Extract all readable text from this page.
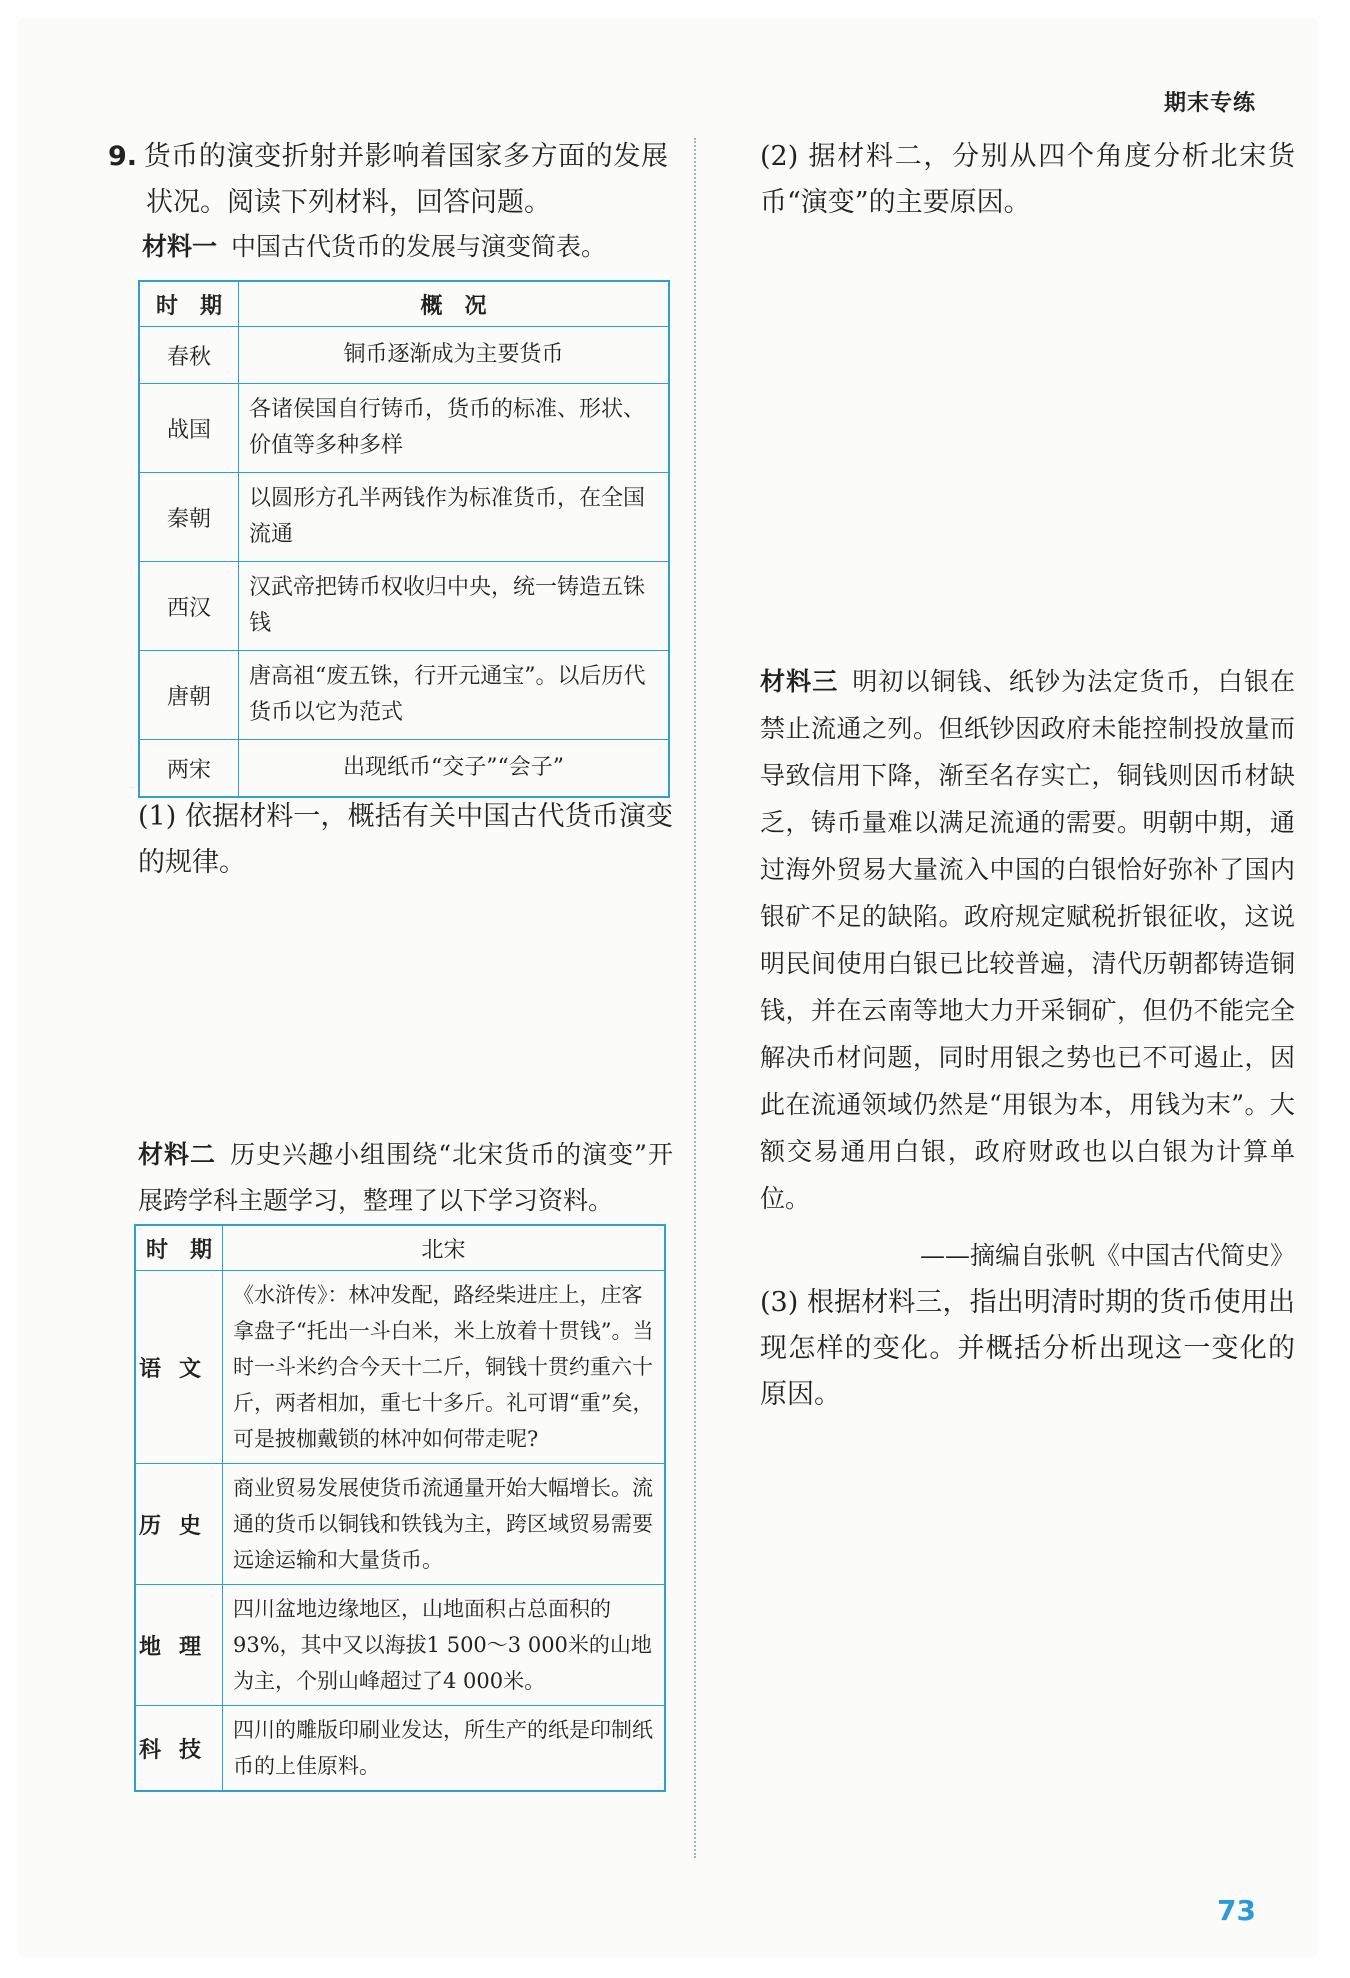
期末专练

9. 货币的演变折射并影响着国家多方面的发展状况。阅读下列材料，回答问题。

材料一 中国古代货币的发展与演变简表。

时　期	概　况
春秋	铜币逐渐成为主要货币
战国	各诸侯国自行铸币，货币的标准、形状、价值等多种多样
秦朝	以圆形方孔半两钱作为标准货币，在全国流通
西汉	汉武帝把铸币权收归中央，统一铸造五铢钱
唐朝	唐高祖“废五铢，行开元通宝”。以后历代货币以它为范式
两宋	出现纸币“交子”“会子”

(1) 依据材料一，概括有关中国古代货币演变的规律。

材料二 历史兴趣小组围绕“北宋货币的演变”开展跨学科主题学习，整理了以下学习资料。

时　期	北宋
语文	《水浒传》：林冲发配，路经柴进庄上，庄客拿盘子“托出一斗白米，米上放着十贯钱”。当时一斗米约合今天十二斤，铜钱十贯约重六十斤，两者相加，重七十多斤。礼可谓“重”矣，可是披枷戴锁的林冲如何带走呢?
历史	商业贸易发展使货币流通量开始大幅增长。流通的货币以铜钱和铁钱为主，跨区域贸易需要远途运输和大量货币。
地理	四川盆地边缘地区，山地面积占总面积的93%，其中又以海拔1 500～3 000米的山地为主，个别山峰超过了4 000米。
科技	四川的雕版印刷业发达，所生产的纸是印制纸币的上佳原料。

(2) 据材料二，分别从四个角度分析北宋货币“演变”的主要原因。

材料三 明初以铜钱、纸钞为法定货币，白银在禁止流通之列。但纸钞因政府未能控制投放量而导致信用下降，渐至名存实亡，铜钱则因币材缺乏，铸币量难以满足流通的需要。明朝中期，通过海外贸易大量流入中国的白银恰好弥补了国内银矿不足的缺陷。政府规定赋税折银征收，这说明民间使用白银已比较普遍，清代历朝都铸造铜钱，并在云南等地大力开采铜矿，但仍不能完全解决币材问题，同时用银之势也已不可遏止，因此在流通领域仍然是“用银为本，用钱为末”。大额交易通用白银，政府财政也以白银为计算单位。

——摘编自张帆《中国古代简史》

(3) 根据材料三，指出明清时期的货币使用出现怎样的变化。并概括分析出现这一变化的原因。

73
